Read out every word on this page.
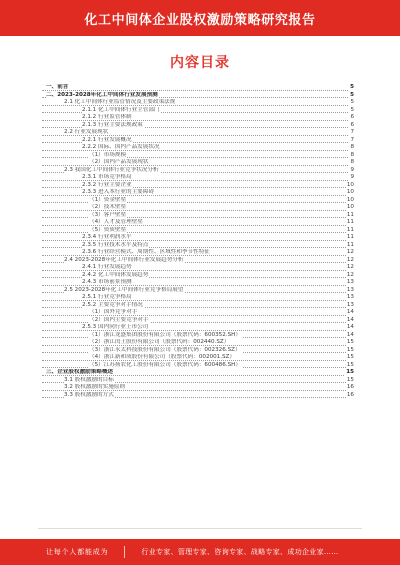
化工中间体企业股权激励策略研究报告
内容目录
一、前言	5
二、2023-2028年化工中间体行业发展预测	5
2.1 化工中间体行业监管情况及主要政策法规	5
2.1.1 化工中间体行业主管部门	5
2.1.2 行业监管体制	6
2.1.3 行业主要法规政策	6
2.2 行业发展现状	7
2.2.1 行业发展概况	7
2.2.2 国际、国内产品发展状况	8
（1）市场规模	8
（2）国内产品发展现状	8
2.3 我国化工中间体行业竞争状况分析	9
2.3.1 市场竞争格局	9
2.3.2 行业主要企业	10
2.3.3 进入本行业的主要障碍	10
（1）资金壁垒	10
（2）技术壁垒	10
（3）客户壁垒	11
（4）人才及管理壁垒	11
（5）资质壁垒	11
2.3.4 行业利润水平	11
2.3.5 行业技术水平及特点	11
2.3.6 行业经营模式、周期性、区域性和季节性特征	12
2.4 2023-2028年化工中间体行业发展趋势分析	12
2.4.1 行业发展趋势	12
2.4.2 化工中间体发展趋势	12
2.4.3 市场前景预测	13
2.5 2023-2028年化工中间体行业竞争格局展望	13
2.5.1 行业竞争格局	13
2.5.2 主要竞争对手情况	13
（1）国外竞争对手	14
（2）国内主要竞争对手	14
2.5.3 国内同行业上市公司	14
（1）浙江龙盛集团股份有限公司（股票代码：600352.SH）	14
（2）浙江闰土股份有限公司（股票代码：002440.SZ）	15
（3）浙江永太科技股份有限公司（股票代码：002326.SZ）	15
（4）浙江新和成股份有限公司（股票代码：002001.SZ）	15
（5）江苏扬农化工股份有限公司（股票代码：600486.SH）	15
三、企业股权激励策略概述	15
3.1 股权激励的目标	15
3.2 股权激励的实施原则	16
3.3 股权激励的方式	16
让每个人都能成为	行业专家、管理专家、咨询专家、战略专家、成功企业家……
